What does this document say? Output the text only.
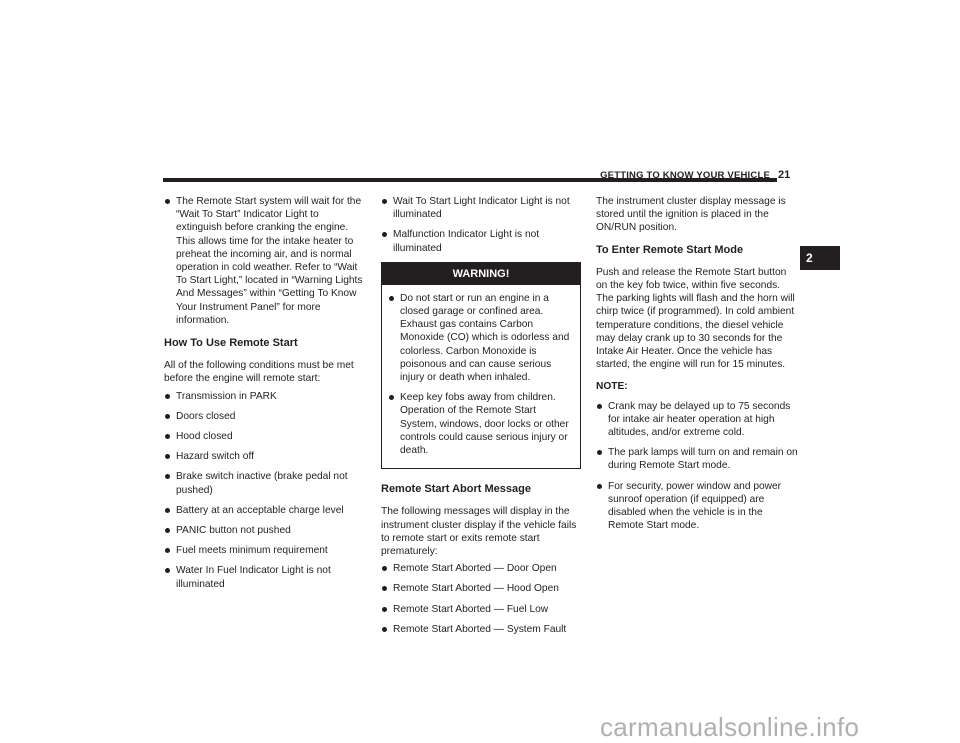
GETTING TO KNOW YOUR VEHICLE 21
2
The Remote Start system will wait for the “Wait To Start” Indicator Light to extinguish before cranking the engine. This allows time for the intake heater to preheat the incoming air, and is normal operation in cold weather. Refer to “Wait To Start Light,” located in “Warning Lights And Messages” within “Getting To Know Your Instrument Panel” for more information.
How To Use Remote Start

All of the following conditions must be met before the engine will remote start:

Transmission in PARK
Doors closed
Hood closed
Hazard switch off
Brake switch inactive (brake pedal not pushed)
Battery at an acceptable charge level
PANIC button not pushed
Fuel meets minimum requirement
Water In Fuel Indicator Light is not illuminated
Wait To Start Light Indicator Light is not illuminated
Malfunction Indicator Light is not illuminated
WARNING!
Do not start or run an engine in a closed garage or confined area. Exhaust gas contains Carbon Monoxide (CO) which is odorless and colorless. Carbon Monoxide is poisonous and can cause serious injury or death when inhaled.
Keep key fobs away from children. Operation of the Remote Start System, windows, door locks or other controls could cause serious injury or death.
Remote Start Abort Message

The following messages will display in the instrument cluster display if the vehicle fails to remote start or exits remote start prematurely:

Remote Start Aborted — Door Open
Remote Start Aborted — Hood Open
Remote Start Aborted — Fuel Low
Remote Start Aborted — System Fault

The instrument cluster display message is stored until the ignition is placed in the ON/RUN position.

To Enter Remote Start Mode

Push and release the Remote Start button on the key fob twice, within five seconds. The parking lights will flash and the horn will chirp twice (if programmed). In cold ambient temperature conditions, the diesel vehicle may delay crank up to 30 seconds for the Intake Air Heater. Once the vehicle has started, the engine will run for 15 minutes.

NOTE:

Crank may be delayed up to 75 seconds for intake air heater operation at high altitudes, and/or extreme cold.
The park lamps will turn on and remain on during Remote Start mode.
For security, power window and power sunroof operation (if equipped) are disabled when the vehicle is in the Remote Start mode.
carmanualsonline.info
